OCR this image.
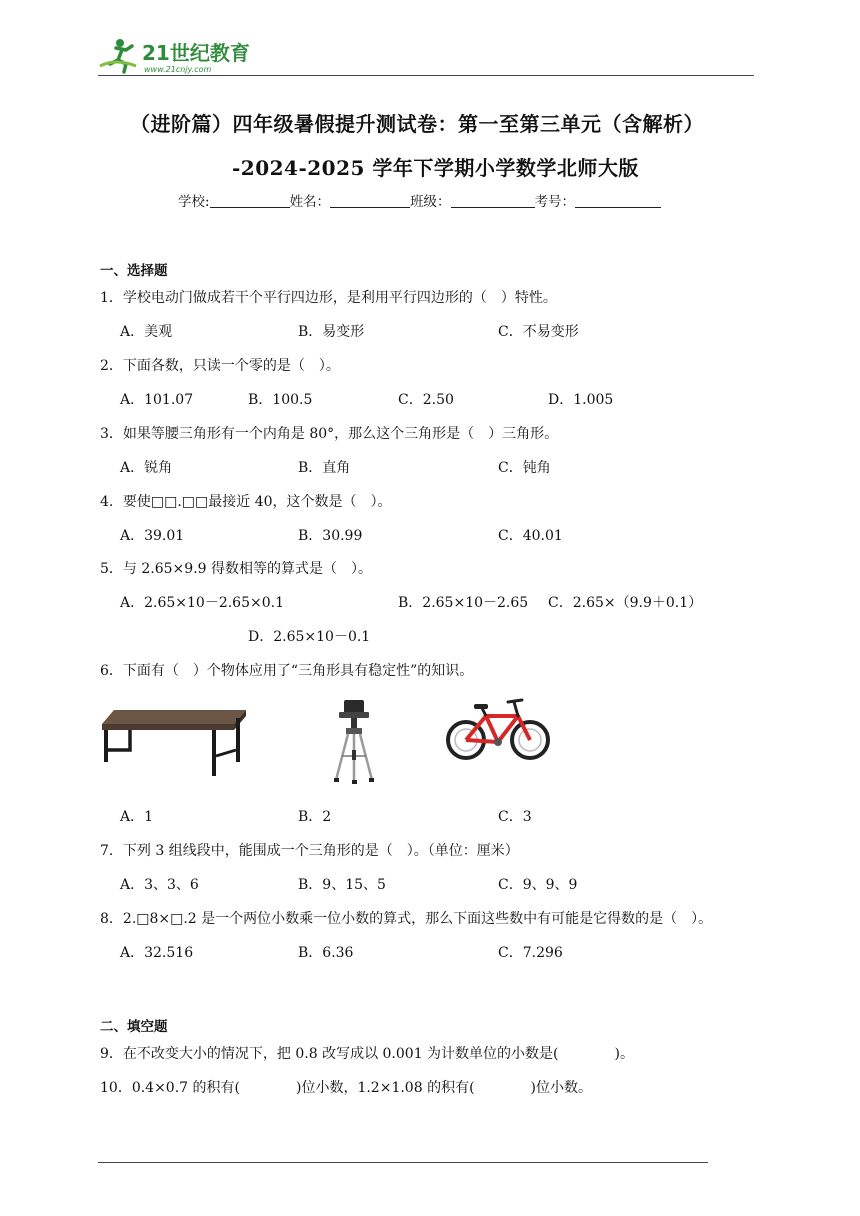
21世纪教育
www.21cnjy.com
（进阶篇）四年级暑假提升测试卷：第一至第三单元（含解析）
-2024-2025 学年下学期小学数学北师大版
学校:	姓名：	班级：	考号：
一、选择题
1．学校电动门做成若干个平行四边形，是利用平行四边形的（　）特性。
A．美观	B．易变形	C．不易变形
2．下面各数，只读一个零的是（　）。
A．101.07	B．100.5	C．2.50	D．1.005
3．如果等腰三角形有一个内角是 80°，那么这个三角形是（　）三角形。
A．锐角	B．直角	C．钝角
4．要使□□.□□最接近 40，这个数是（　）。
A．39.01	B．30.99	C．40.01
5．与 2.65×9.9 得数相等的算式是（　）。
A．2.65×10－2.65×0.1	B．2.65×10－2.65 C．2.65×（9.9＋0.1）
D．2.65×10－0.1
6．下面有（　）个物体应用了“三角形具有稳定性”的知识。
A．1	B．2	C．3
7．下列 3 组线段中，能围成一个三角形的是（　）。（单位：厘米）
A．3、3、6	B．9、15、5	C．9、9、9
8．2.□8×□.2 是一个两位小数乘一位小数的算式，那么下面这些数中有可能是它得数的是（　）。
A．32.516	B．6.36	C．7.296
二、填空题
9．在不改变大小的情况下，把 0.8 改写成以 0.001 为计数单位的小数是(　　　　)。
10．0.4×0.7 的积有(　　　　)位小数，1.2×1.08 的积有(　　　　)位小数。
